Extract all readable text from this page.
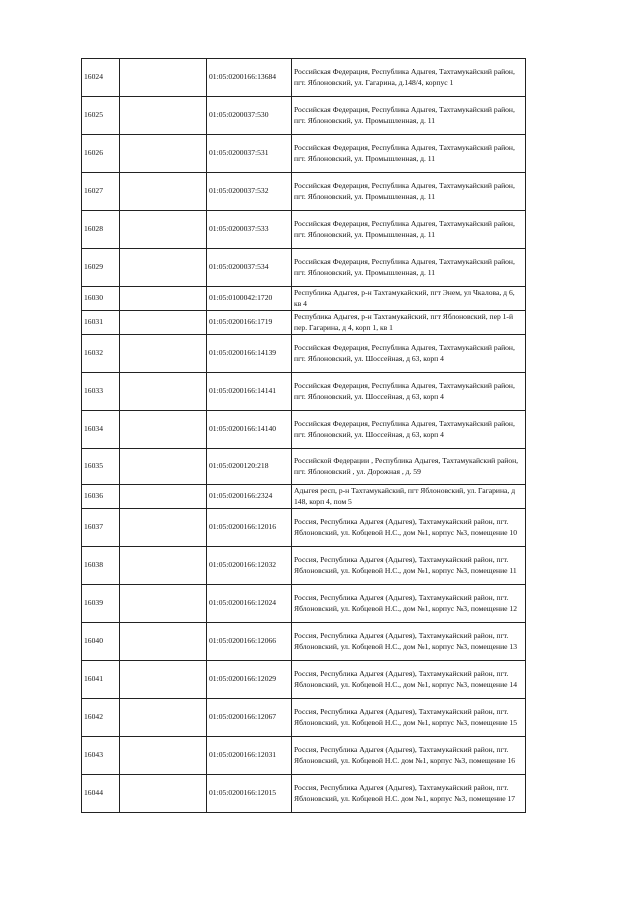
16024		01:05:0200166:13684	Российская Федерация, Республика Адыгея, Тахтамукайский район, пгт. Яблоновский, ул. Гагарина, д.148/4, корпус 1
16025		01:05:0200037:530	Российская Федерация, Республика Адыгея, Тахтамукайский район, пгт. Яблоновский, ул. Промышленная, д. 11
16026		01:05:0200037:531	Российская Федерация, Республика Адыгея, Тахтамукайский район, пгт. Яблоновский, ул. Промышленная, д. 11
16027		01:05:0200037:532	Российская Федерация, Республика Адыгея, Тахтамукайский район, пгт. Яблоновский, ул. Промышленная, д. 11
16028		01:05:0200037:533	Российская Федерация, Республика Адыгея, Тахтамукайский район, пгт. Яблоновский, ул. Промышленная, д. 11
16029		01:05:0200037:534	Российская Федерация, Республика Адыгея, Тахтамукайский район, пгт. Яблоновский, ул. Промышленная, д. 11
16030		01:05:0100042:1720	Республика Адыгея, р-н Тахтамукайский, пгт Энем, ул Чкалова, д 6, кв 4
16031		01:05:0200166:1719	Республика Адыгея, р-н Тахтамукайский, пгт Яблоновский, пер 1-й пер. Гагарина, д 4, корп 1, кв 1
16032		01:05:0200166:14139	Российская Федерация, Республика Адыгея, Тахтамукайский район, пгт. Яблоновский, ул. Шоссейная, д 63, корп 4
16033		01:05:0200166:14141	Российская Федерация, Республика Адыгея, Тахтамукайский район, пгт. Яблоновский, ул. Шоссейная, д 63, корп 4
16034		01:05:0200166:14140	Российская Федерация, Республика Адыгея, Тахтамукайский район, пгт. Яблоновский, ул. Шоссейная, д 63, корп 4
16035		01:05:0200120:218	Российской Федерации , Республика Адыгея, Тахтамукайский район, пгт. Яблоновский , ул. Дорожная , д. 59
16036		01:05:0200166:2324	Адыгея респ, р-н Тахтамукайский, пгт Яблоновский, ул. Гагарина, д 148, корп 4, пом 5
16037		01:05:0200166:12016	Россия, Республика Адыгея (Адыгея), Тахтамукайский район, пгт. Яблоновский, ул. Кобцевой Н.С., дом №1, корпус №3, помещение 10
16038		01:05:0200166:12032	Россия, Республика Адыгея (Адыгея), Тахтамукайский район, пгт. Яблоновский, ул. Кобцевой Н.С., дом №1, корпус №3, помещение 11
16039		01:05:0200166:12024	Россия, Республика Адыгея (Адыгея), Тахтамукайский район, пгт. Яблоновский, ул. Кобцевой Н.С., дом №1, корпус №3, помещение 12
16040		01:05:0200166:12066	Россия, Республика Адыгея (Адыгея), Тахтамукайский район, пгт. Яблоновский, ул. Кобцевой Н.С., дом №1, корпус №3, помещение 13
16041		01:05:0200166:12029	Россия, Республика Адыгея (Адыгея), Тахтамукайский район, пгт. Яблоновский, ул. Кобцевой Н.С., дом №1, корпус №3, помещение 14
16042		01:05:0200166:12067	Россия, Республика Адыгея (Адыгея), Тахтамукайский район, пгт. Яблоновский, ул. Кобцевой Н.С., дом №1, корпус №3, помещение 15
16043		01:05:0200166:12031	Россия, Республика Адыгея (Адыгея), Тахтамукайский район, пгт. Яблоновский, ул. Кобцевой Н.С. дом №1, корпус №3, помещение 16
16044		01:05:0200166:12015	Россия, Республика Адыгея (Адыгея), Тахтамукайский район, пгт. Яблоновский, ул. Кобцевой Н.С. дом №1, корпус №3, помещение 17
